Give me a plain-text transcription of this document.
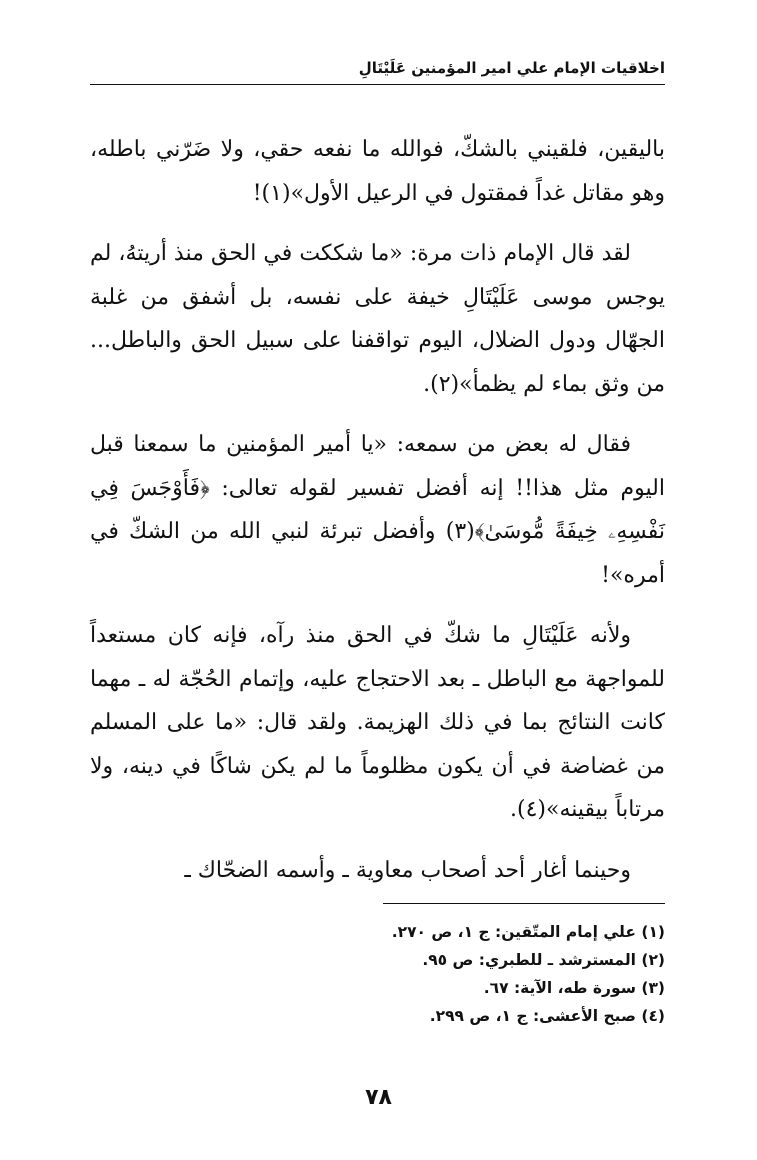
اخلاقيات الإمام علي امير المؤمنين عَلَيْتَالِ

باليقين، فلقيني بالشكّ، فوالله ما نفعه حقي، ولا ضَرّني باطله، وهو مقاتل غداً فمقتول في الرعيل الأول»(١)!

لقد قال الإمام ذات مرة: «ما شككت في الحق منذ أريتهُ، لم يوجس موسى عَلَيْتَالِ خيفة على نفسه، بل أشفق من غلبة الجهّال ودول الضلال، اليوم تواقفنا على سبيل الحق والباطل... من وثق بماء لم يظمأ»(٢).

فقال له بعض من سمعه: «يا أمير المؤمنين ما سمعنا قبل اليوم مثل هذا!! إنه أفضل تفسير لقوله تعالى: ﴿فَأَوْجَسَ فِي نَفْسِهِۦ خِيفَةً مُّوسَىٰ﴾(٣) وأفضل تبرئة لنبي الله من الشكّ في أمره»!

ولأنه عَلَيْتَالِ ما شكّ في الحق منذ رآه، فإنه كان مستعداً للمواجهة مع الباطل ـ بعد الاحتجاج عليه، وإتمام الحُجّة له ـ مهما كانت النتائج بما في ذلك الهزيمة. ولقد قال: «ما على المسلم من غضاضة في أن يكون مظلوماً ما لم يكن شاكًا في دينه، ولا مرتاباً بيقينه»(٤).

وحينما أغار أحد أصحاب معاوية ـ وأسمه الضحّاك ـ

(١) علي إمام المتّقين: ج ١، ص ٢٧٠.
(٢) المسترشد ـ للطبري: ص ٩٥.
(٣) سورة طه، الآية: ٦٧.
(٤) صبح الأعشى: ج ١، ص ٢٩٩.
٧٨
